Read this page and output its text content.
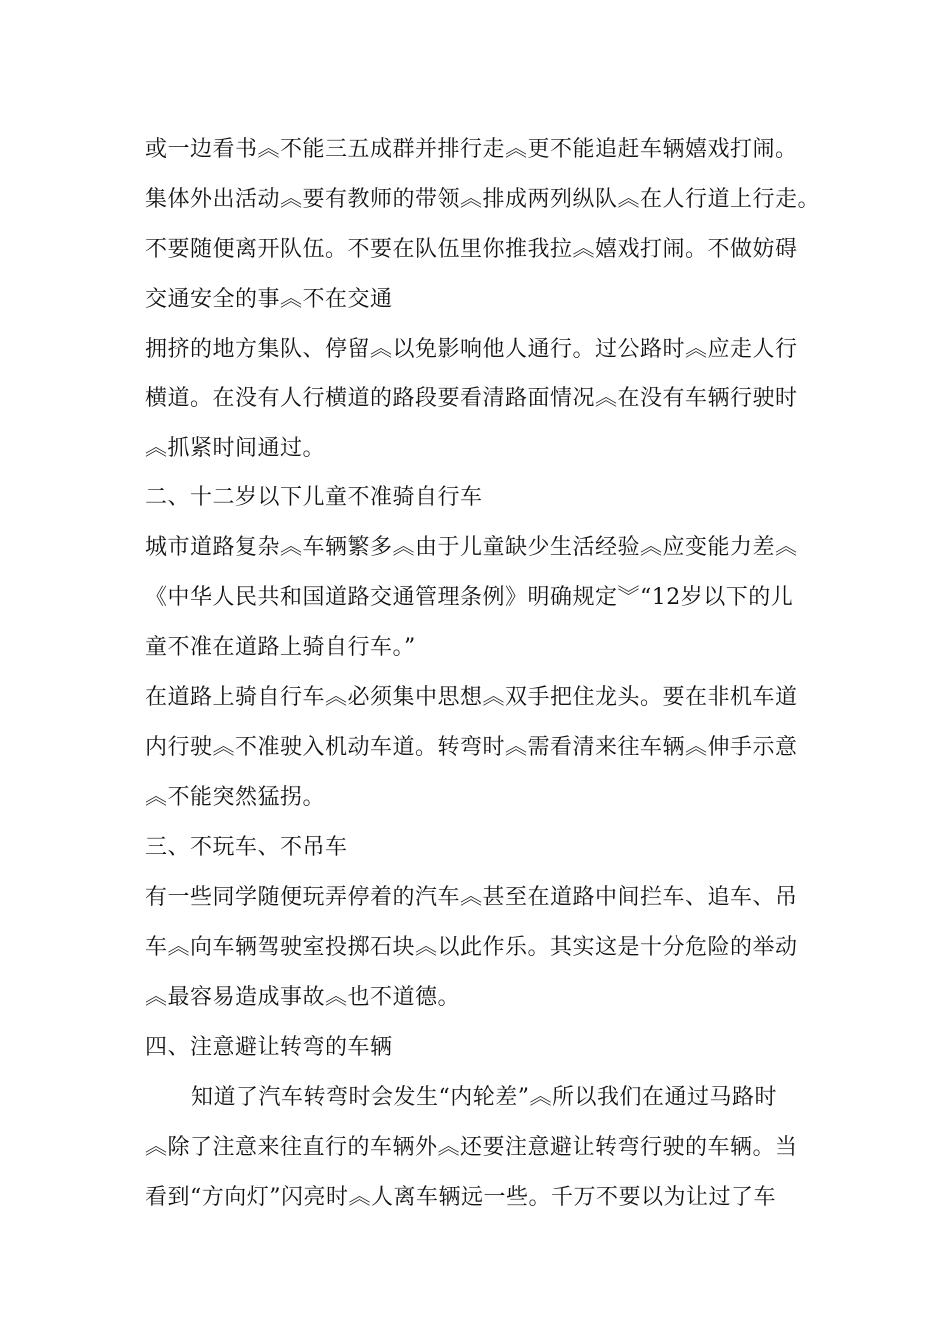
或一边看书︽不能三五成群并排行走︽更不能追赶车辆嬉戏打闹。
集体外出活动︽要有教师的带领︽排成两列纵队︽在人行道上行走。
不要随便离开队伍。不要在队伍里你推我拉︽嬉戏打闹。不做妨碍
交通安全的事︽不在交通
拥挤的地方集队、停留︽以免影响他人通行。过公路时︽应走人行
横道。在没有人行横道的路段要看清路面情况︽在没有车辆行驶时
︽抓紧时间通过。
二、十二岁以下儿童不准骑自行车
城市道路复杂︽车辆繁多︽由于儿童缺少生活经验︽应变能力差︽
《中华人民共和国道路交通管理条例》明确规定︾“12岁以下的儿
童不准在道路上骑自行车。”
在道路上骑自行车︽必须集中思想︽双手把住龙头。要在非机车道
内行驶︽不准驶入机动车道。转弯时︽需看清来往车辆︽伸手示意
︽不能突然猛拐。
三、不玩车、不吊车
有一些同学随便玩弄停着的汽车︽甚至在道路中间拦车、追车、吊
车︽向车辆驾驶室投掷石块︽以此作乐。其实这是十分危险的举动
︽最容易造成事故︽也不道德。
四、注意避让转弯的车辆
知道了汽车转弯时会发生“内轮差”︽所以我们在通过马路时
︽除了注意来往直行的车辆外︽还要注意避让转弯行驶的车辆。当
看到“方向灯”闪亮时︽人离车辆远一些。千万不要以为让过了车
